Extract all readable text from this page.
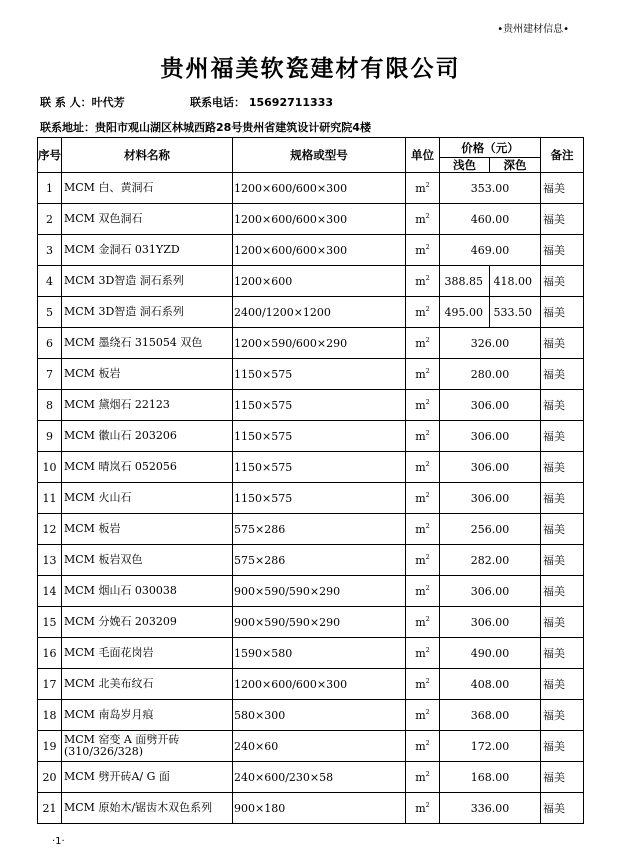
•贵州建材信息•
贵州福美软瓷建材有限公司
联 系 人：叶代芳	联系电话： 15692711333
联系地址：贵阳市观山湖区林城西路28号贵州省建筑设计研究院4楼
序号	材料名称	规格或型号	单位	价格（元）		备注
				浅色	深色	
1	MCM 白、黄洞石	1200×600/600×300	$m^2$	353.00		福美
2	MCM 双色洞石	1200×600/600×300	$m^2$	460.00		福美
3	MCM 金洞石 031YZD	1200×600/600×300	$m^2$	469.00		福美
4	MCM 3D智造 洞石系列	1200×600	$m^2$	388.85	418.00	福美
5	MCM 3D智造 洞石系列	2400/1200×1200	$m^2$	495.00	533.50	福美
6	MCM 墨绕石 315054 双色	1200×590/600×290	$m^2$	326.00		福美
7	MCM 板岩	1150×575	$m^2$	280.00		福美
8	MCM 黛烟石 22123	1150×575	$m^2$	306.00		福美
9	MCM 徽山石 203206	1150×575	$m^2$	306.00		福美
10	MCM 晴岚石 052056	1150×575	$m^2$	306.00		福美
11	MCM 火山石	1150×575	$m^2$	306.00		福美
12	MCM 板岩	575×286	$m^2$	256.00		福美
13	MCM 板岩双色	575×286	$m^2$	282.00		福美
14	MCM 烟山石 030038	900×590/590×290	$m^2$	306.00		福美
15	MCM 分娩石 203209	900×590/590×290	$m^2$	306.00		福美
16	MCM 毛面花岗岩	1590×580	$m^2$	490.00		福美
17	MCM 北美布纹石	1200×600/600×300	$m^2$	408.00		福美
18	MCM 南岛岁月痕	580×300	$m^2$	368.00		福美
19	MCM 窑变 A 面劈开砖(310/326/328)	240×60	$m^2$	172.00		福美
20	MCM 劈开砖A/ G 面	240×600/230×58	$m^2$	168.00		福美
21	MCM 原始木/锯齿木双色系列	900×180	$m^2$	336.00		福美
·1·
